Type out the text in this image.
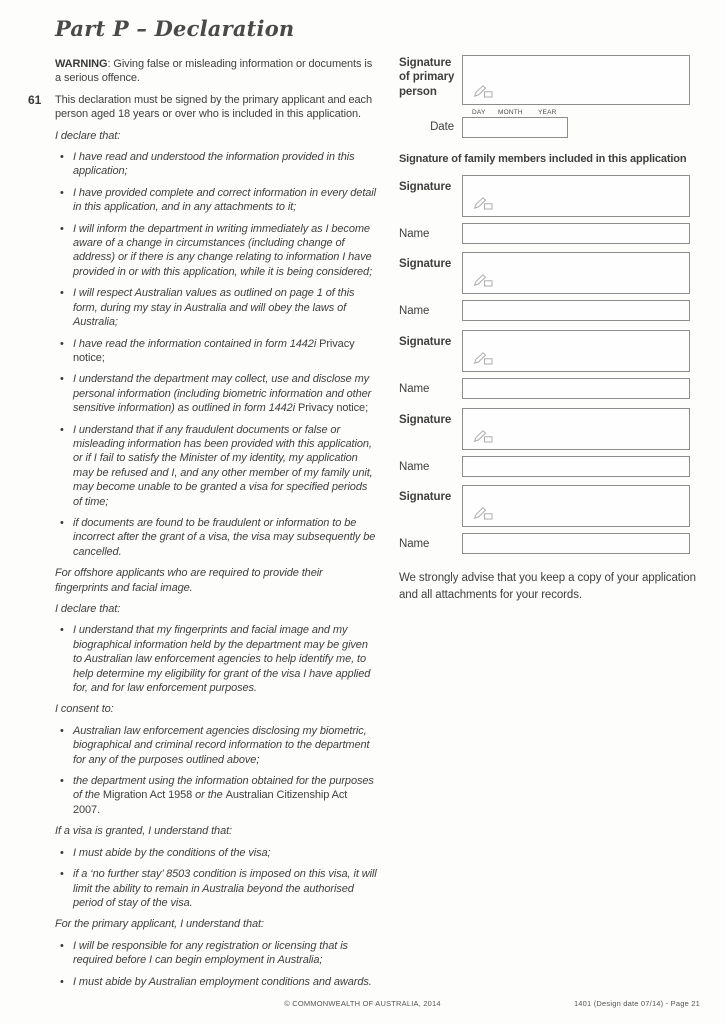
Part P – Declaration

WARNING: Giving false or misleading information or documents is a serious offence.

61 This declaration must be signed by the primary applicant and each person aged 18 years or over who is included in this application.

I declare that:

• I have read and understood the information provided in this application;
• I have provided complete and correct information in every detail in this application, and in any attachments to it;
• I will inform the department in writing immediately as I become aware of a change in circumstances (including change of address) or if there is any change relating to information I have provided in or with this application, while it is being considered;
• I will respect Australian values as outlined on page 1 of this form, during my stay in Australia and will obey the laws of Australia;
• I have read the information contained in form 1442i Privacy notice;
• I understand the department may collect, use and disclose my personal information (including biometric information and other sensitive information) as outlined in form 1442i Privacy notice;
• I understand that if any fraudulent documents or false or misleading information has been provided with this application, or if I fail to satisfy the Minister of my identity, my application may be refused and I, and any other member of my family unit, may become unable to be granted a visa for specified periods of time;
• if documents are found to be fraudulent or information to be incorrect after the grant of a visa, the visa may subsequently be cancelled.

For offshore applicants who are required to provide their fingerprints and facial image.

I declare that:

• I understand that my fingerprints and facial image and my biographical information held by the department may be given to Australian law enforcement agencies to help identify me, to help determine my eligibility for grant of the visa I have applied for, and for law enforcement purposes.

I consent to:

• Australian law enforcement agencies disclosing my biometric, biographical and criminal record information to the department for any of the purposes outlined above;
• the department using the information obtained for the purposes of the Migration Act 1958 or the Australian Citizenship Act 2007.

If a visa is granted, I understand that:

• I must abide by the conditions of the visa;
• if a ‘no further stay’ 8503 condition is imposed on this visa, it will limit the ability to remain in Australia beyond the authorised period of stay of the visa.

For the primary applicant, I understand that:

• I will be responsible for any registration or licensing that is required before I can begin employment in Australia;
• I must abide by Australian employment conditions and awards.
Signature of primary person
DAY MONTH YEAR
Date
Signature of family members included in this application
Signature
Name
Signature
Name
Signature
Name
Signature
Name
Signature
Name

We strongly advise that you keep a copy of your application and all attachments for your records.

© COMMONWEALTH OF AUSTRALIA, 2014	1401 (Design date 07/14) - Page 21
